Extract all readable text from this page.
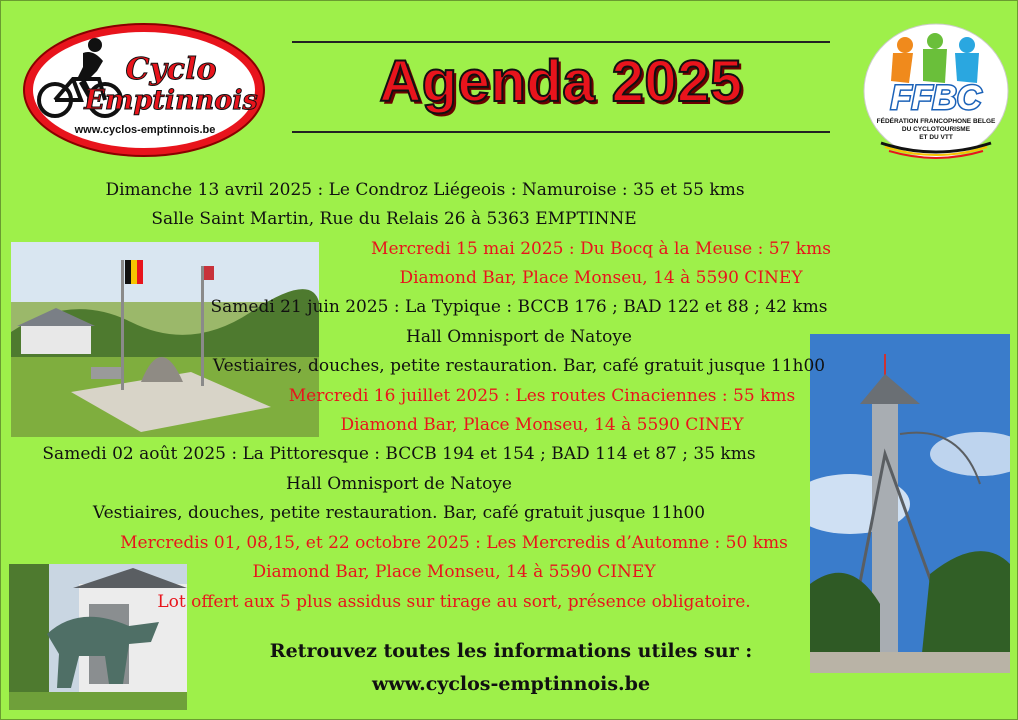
Cyclo
Emptinnois
www.cyclos-emptinnois.be
Agenda 2025	FFBC
FÉDÉRATION FRANCOPHONE BELGE
DU CYCLOTOURISME
ET DU VTT
Dimanche 13 avril 2025 : Le Condroz Liégeois : Namuroise : 35 et 55 kms
Salle Saint Martin, Rue du Relais 26 à 5363 EMPTINNE
Mercredi 15 mai 2025 : Du Bocq à la Meuse : 57 kms
Diamond Bar, Place Monseu, 14 à 5590 CINEY
Samedi 21 juin 2025 : La Typique : BCCB 176 ; BAD 122 et 88 ; 42 kms
Hall Omnisport de Natoye
Vestiaires, douches, petite restauration. Bar, café gratuit jusque 11h00
Mercredi 16 juillet 2025 : Les routes Cinaciennes : 55 kms
Diamond Bar, Place Monseu, 14 à 5590 CINEY
Samedi 02 août 2025 : La Pittoresque : BCCB 194 et 154 ; BAD 114 et 87 ; 35 kms
Hall Omnisport de Natoye
Vestiaires, douches, petite restauration. Bar, café gratuit jusque 11h00
Mercredis 01, 08,15, et 22 octobre 2025 : Les Mercredis d’Automne : 50 kms
Diamond Bar, Place Monseu, 14 à 5590 CINEY
Lot offert aux 5 plus assidus sur tirage au sort, présence obligatoire.
Retrouvez toutes les informations utiles sur :
www.cyclos-emptinnois.be
